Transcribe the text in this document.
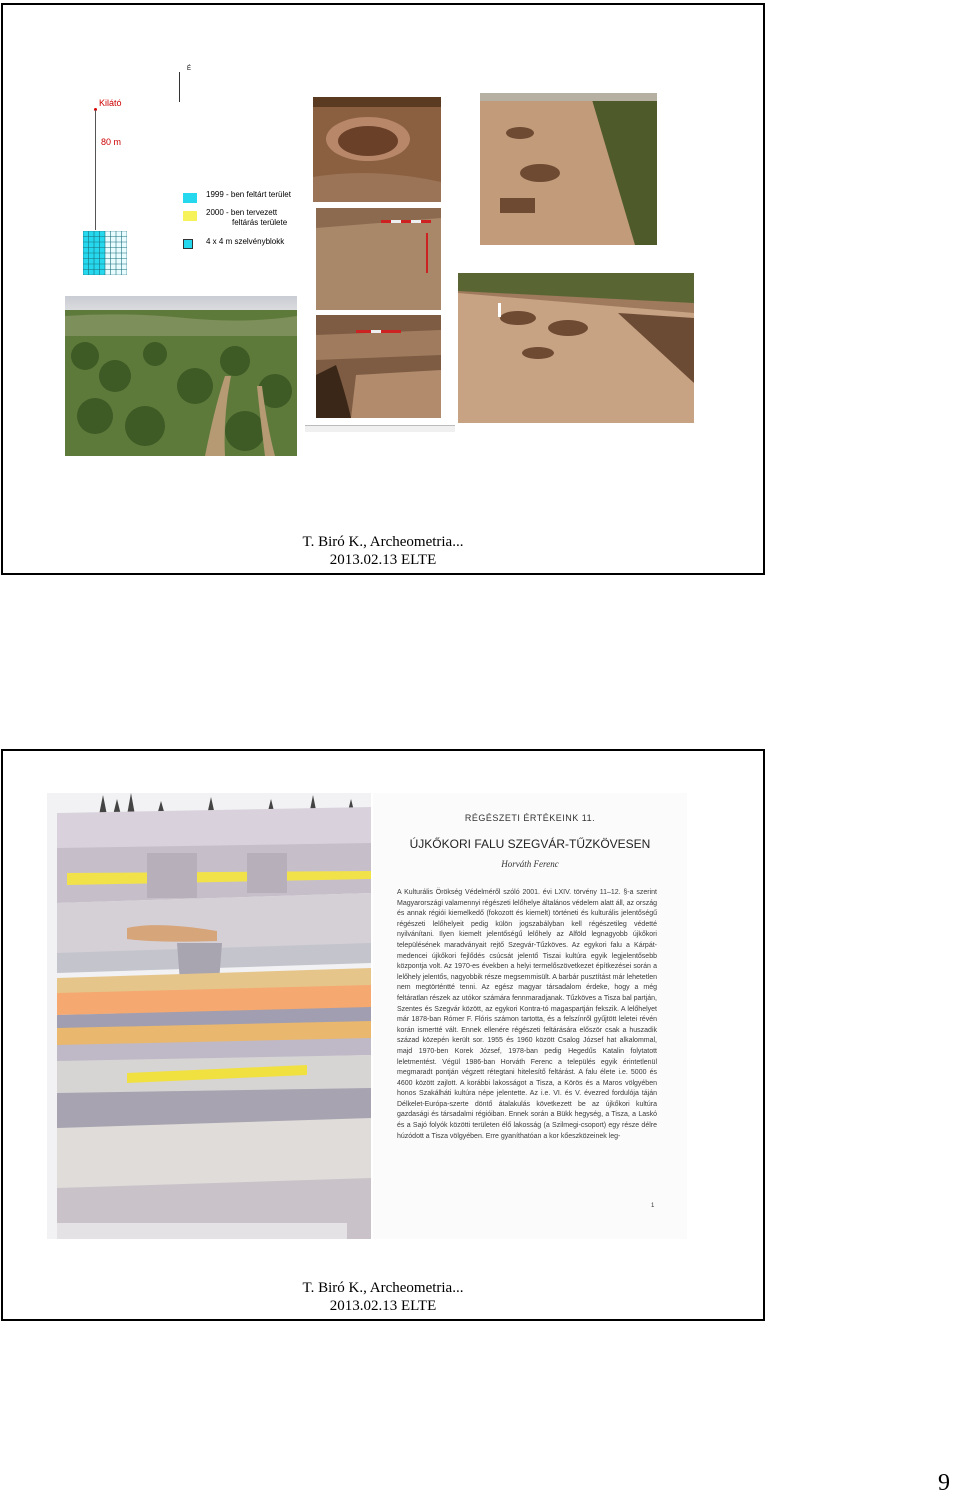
É
Kilátó
80 m
1999 - ben feltárt terület
2000 - ben tervezett
feltárás területe
4 x 4 m szelvényblokk
T. Biró K., Archeometria...
2013.02.13 ELTE
RÉGÉSZETI ÉRTÉKEINK 11.
ÚJKŐKORI FALU SZEGVÁR-TŰZKÖVESEN
Horváth Ferenc
A Kulturális Örökség Védelméről szóló 2001. évi LXIV. törvény 11–12. §-a szerint Magyarországi valamennyi régészeti lelőhelye általános védelem alatt áll, az ország és annak régiói kiemelkedő (fokozott és kiemelt) történeti és kulturális jelentőségű régészeti lelőhelyeit pedig külön jogszabályban kell régészetileg védetté nyilvánítani. Ilyen kiemelt jelentőségű lelőhely az Alföld legnagyobb újkőkori településének maradványait rejtő Szegvár-Tűzköves. Az egykori falu a Kárpát-medencei újkőkori fejlődés csúcsát jelentő Tiszai kultúra egyik legjelentősebb központja volt. Az 1970-es években a helyi termelőszövetkezet építkezései során a lelőhely jelentős, nagyobbik része megsemmisült. A barbár pusztítást már lehetetlen nem megtörténtté tenni. Az egész magyar társadalom érdeke, hogy a még feltáratlan részek az utókor számára fennmaradjanak. Tűzköves a Tisza bal partján, Szentes és Szegvár között, az egykori Kontra-tó magaspartján fekszik. A lelőhelyet már 1878-ban Rómer F. Flóris számon tartotta, és a felszínről gyűjtött leletei révén korán ismertté vált. Ennek ellenére régészeti feltárására először csak a huszadik század közepén került sor. 1955 és 1960 között Csalog József hat alkalommal, majd 1970-ben Korek József, 1978-ban pedig Hegedűs Katalin folytatott leletmentést. Végül 1986-ban Horváth Ferenc a település egyik érintetlenül megmaradt pontján végzett rétegtani hitelesítő feltárást. A falu élete i.e. 5000 és 4600 között zajlott. A korábbi lakosságot a Tisza, a Körös és a Maros völgyében honos Szakálháti kultúra népe jelentette. Az i.e. VI. és V. évezred fordulója táján Délkelet-Európa-szerte döntő átalakulás következett be az újkőkori kultúra gazdasági és társadalmi régióiban. Ennek során a Bükk hegység, a Tisza, a Laskó és a Sajó folyók közötti területen élő lakosság (a Szilmegi-csoport) egy része délre húzódott a Tisza völgyében. Erre gyaníthatóan a kor kőeszközeinek leg-
1
T. Biró K., Archeometria...
2013.02.13 ELTE
9
